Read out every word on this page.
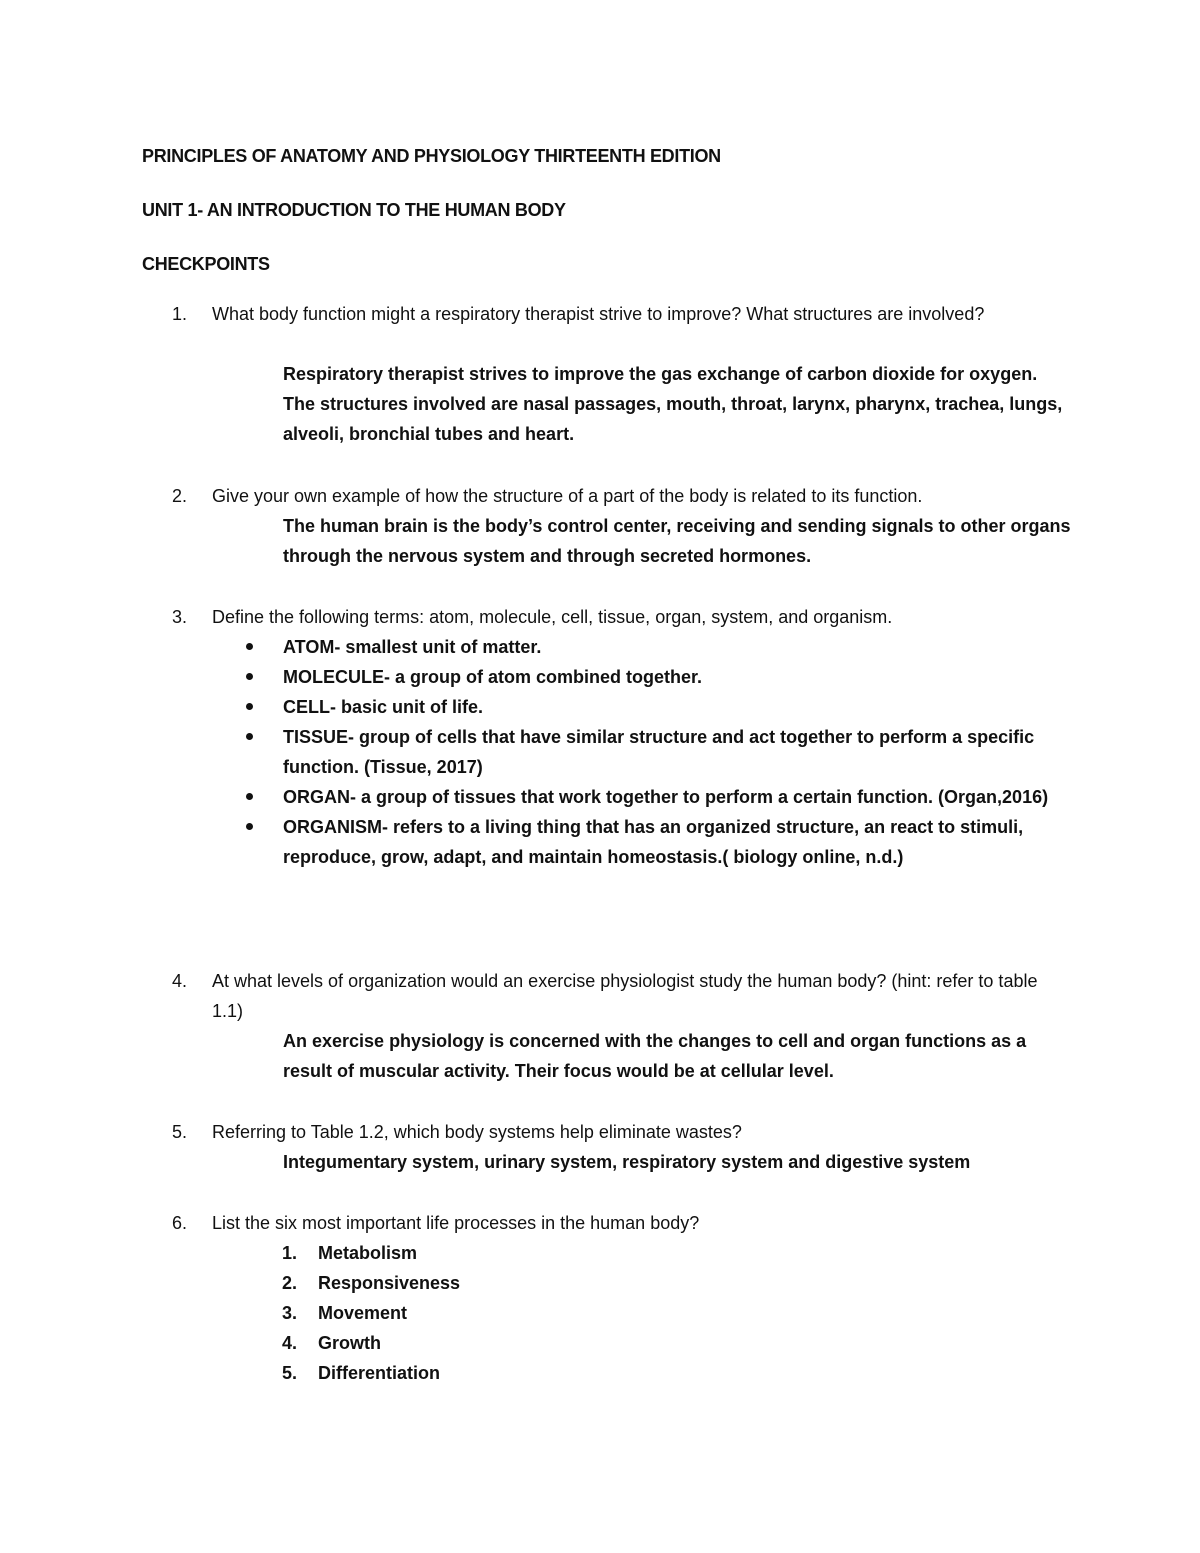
PRINCIPLES OF ANATOMY AND PHYSIOLOGY THIRTEENTH EDITION
UNIT 1- AN INTRODUCTION TO THE HUMAN BODY
CHECKPOINTS
1. What body function might a respiratory therapist strive to improve? What structures are involved?
Respiratory therapist strives to improve the gas exchange of carbon dioxide for oxygen. The structures involved are nasal passages, mouth, throat, larynx, pharynx, trachea, lungs, alveoli, bronchial tubes and heart.
2. Give your own example of how the structure of a part of the body is related to its function.
The human brain is the body’s control center, receiving and sending signals to other organs through the nervous system and through secreted hormones.
3. Define the following terms: atom, molecule, cell, tissue, organ, system, and organism.
ATOM- smallest unit of matter.
MOLECULE- a group of atom combined together.
CELL- basic unit of life.
TISSUE- group of cells that have similar structure and act together to perform a specific function. (Tissue, 2017)
ORGAN- a group of tissues that work together to perform a certain function. (Organ,2016)
ORGANISM- refers to a living thing that has an organized structure, an react to stimuli, reproduce, grow, adapt, and maintain homeostasis.( biology online, n.d.)
4. At what levels of organization would an exercise physiologist study the human body? (hint: refer to table 1.1)
An exercise physiology is concerned with the changes to cell and organ functions as a result of muscular activity. Their focus would be at cellular level.
5. Referring to Table 1.2, which body systems help eliminate wastes?
Integumentary system, urinary system, respiratory system and digestive system
6. List the six most important life processes in the human body?
1. Metabolism
2. Responsiveness
3. Movement
4. Growth
5. Differentiation
